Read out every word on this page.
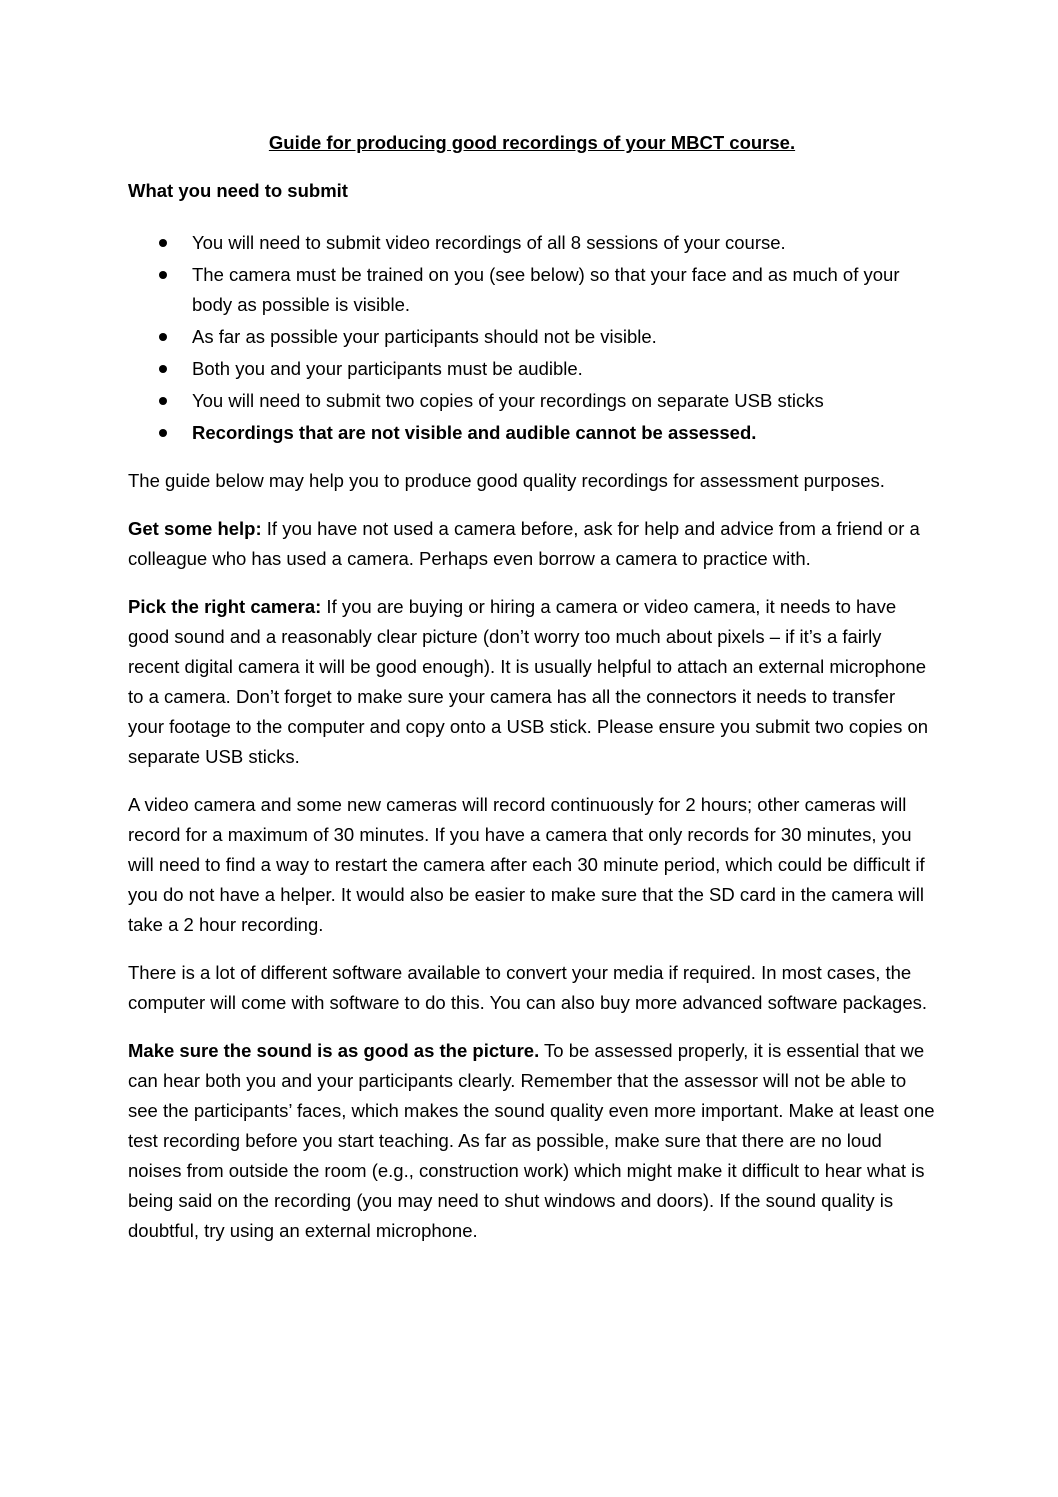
Guide for producing good recordings of your MBCT course.
What you need to submit
You will need to submit video recordings of all 8 sessions of your course.
The camera must be trained on you (see below) so that your face and as much of your body as possible is visible.
As far as possible your participants should not be visible.
Both you and your participants must be audible.
You will need to submit two copies of your recordings on separate USB sticks
Recordings that are not visible and audible cannot be assessed.

The guide below may help you to produce good quality recordings for assessment purposes.

Get some help: If you have not used a camera before, ask for help and advice from a friend or a colleague who has used a camera. Perhaps even borrow a camera to practice with.

Pick the right camera: If you are buying or hiring a camera or video camera, it needs to have good sound and a reasonably clear picture (don’t worry too much about pixels – if it’s a fairly recent digital camera it will be good enough). It is usually helpful to attach an external microphone to a camera. Don’t forget to make sure your camera has all the connectors it needs to transfer your footage to the computer and copy onto a USB stick. Please ensure you submit two copies on separate USB sticks.

A video camera and some new cameras will record continuously for 2 hours; other cameras will record for a maximum of 30 minutes. If you have a camera that only records for 30 minutes, you will need to find a way to restart the camera after each 30 minute period, which could be difficult if you do not have a helper. It would also be easier to make sure that the SD card in the camera will take a 2 hour recording.

There is a lot of different software available to convert your media if required. In most cases, the computer will come with software to do this. You can also buy more advanced software packages.

Make sure the sound is as good as the picture. To be assessed properly, it is essential that we can hear both you and your participants clearly. Remember that the assessor will not be able to see the participants’ faces, which makes the sound quality even more important. Make at least one test recording before you start teaching. As far as possible, make sure that there are no loud noises from outside the room (e.g., construction work) which might make it difficult to hear what is being said on the recording (you may need to shut windows and doors). If the sound quality is doubtful, try using an external microphone.
